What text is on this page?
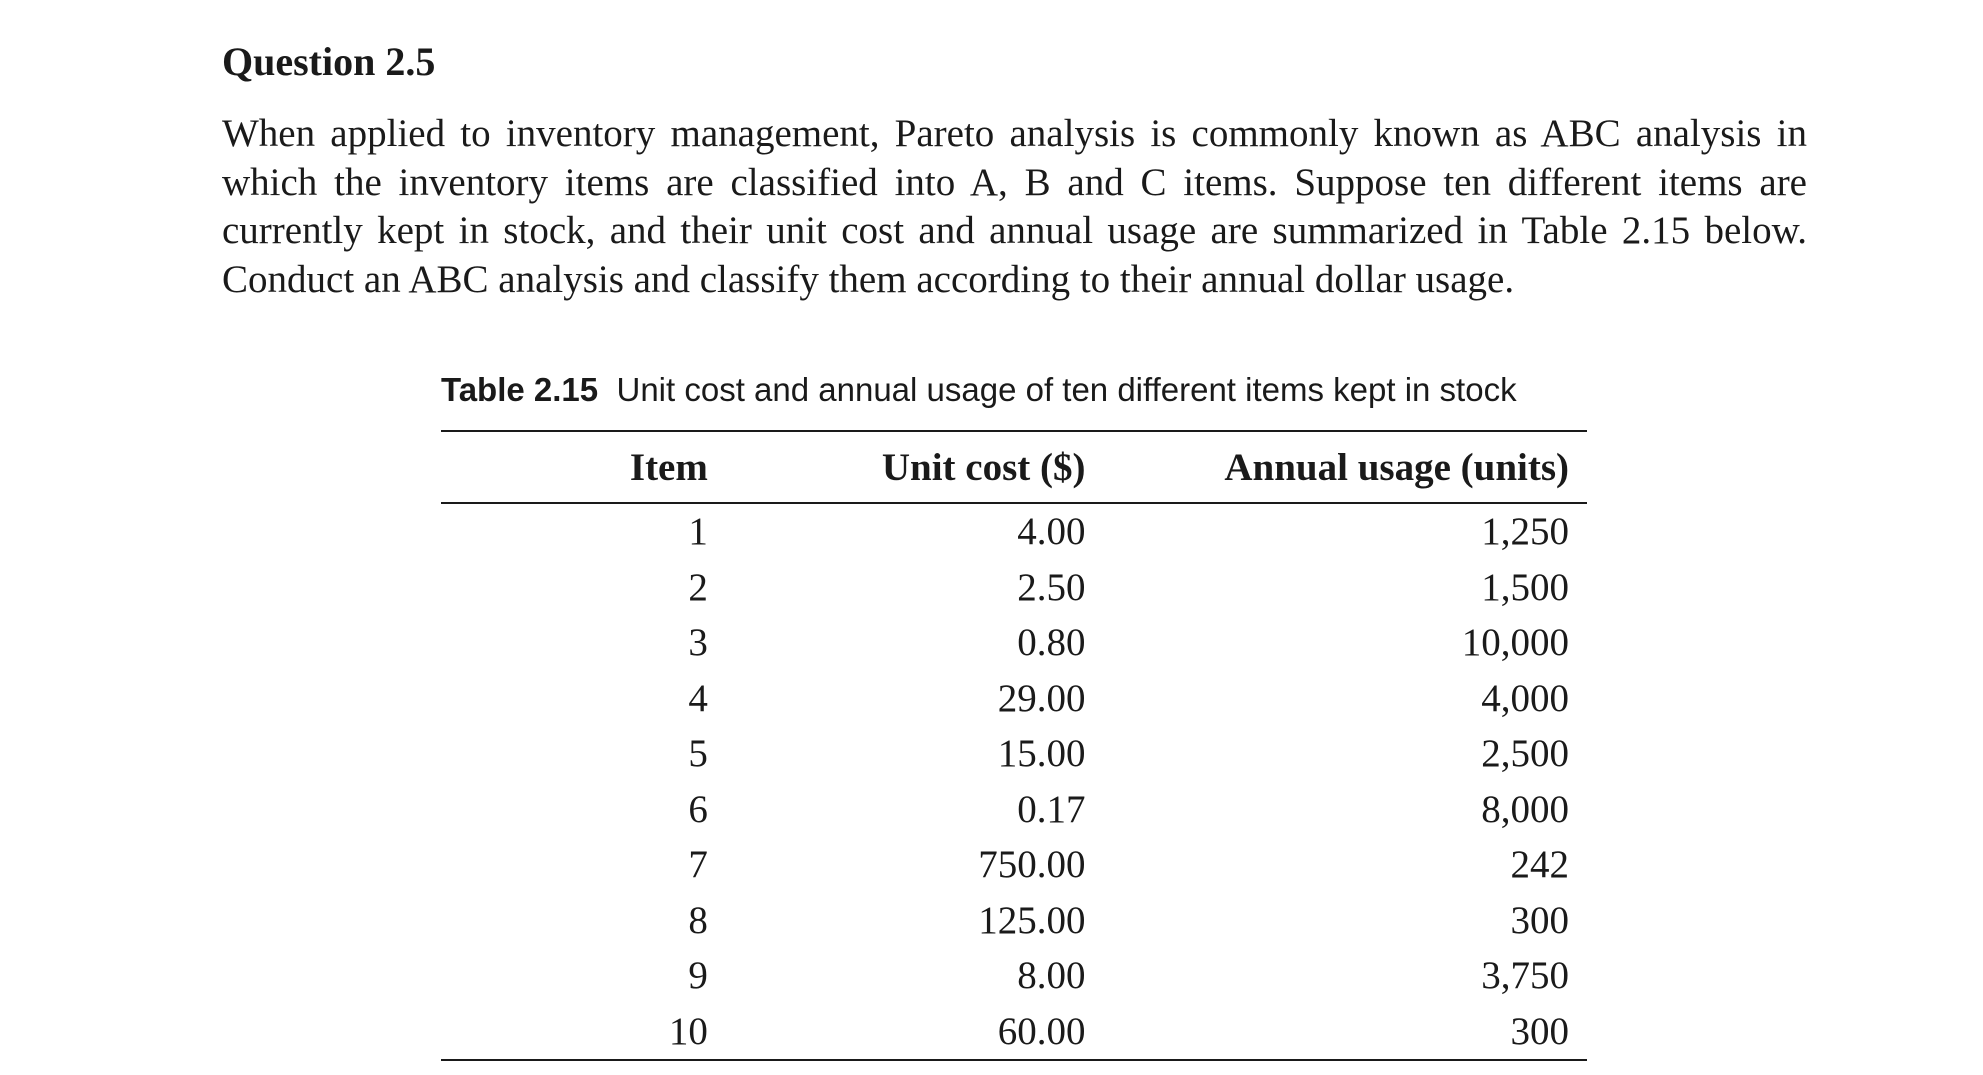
Question 2.5

When applied to inventory management, Pareto analysis is commonly known as ABC analysis in which the inventory items are classified into A, B and C items. Suppose ten different items are currently kept in stock, and their unit cost and annual usage are summarized in Table 2.15 below. Conduct an ABC analysis and classify them according to their annual dollar usage.

Table 2.15 Unit cost and annual usage of ten different items kept in stock
Item	Unit cost ($)	Annual usage (units)
1	4.00	1,250
2	2.50	1,500
3	0.80	10,000
4	29.00	4,000
5	15.00	2,500
6	0.17	8,000
7	750.00	242
8	125.00	300
9	8.00	3,750
10	60.00	300
